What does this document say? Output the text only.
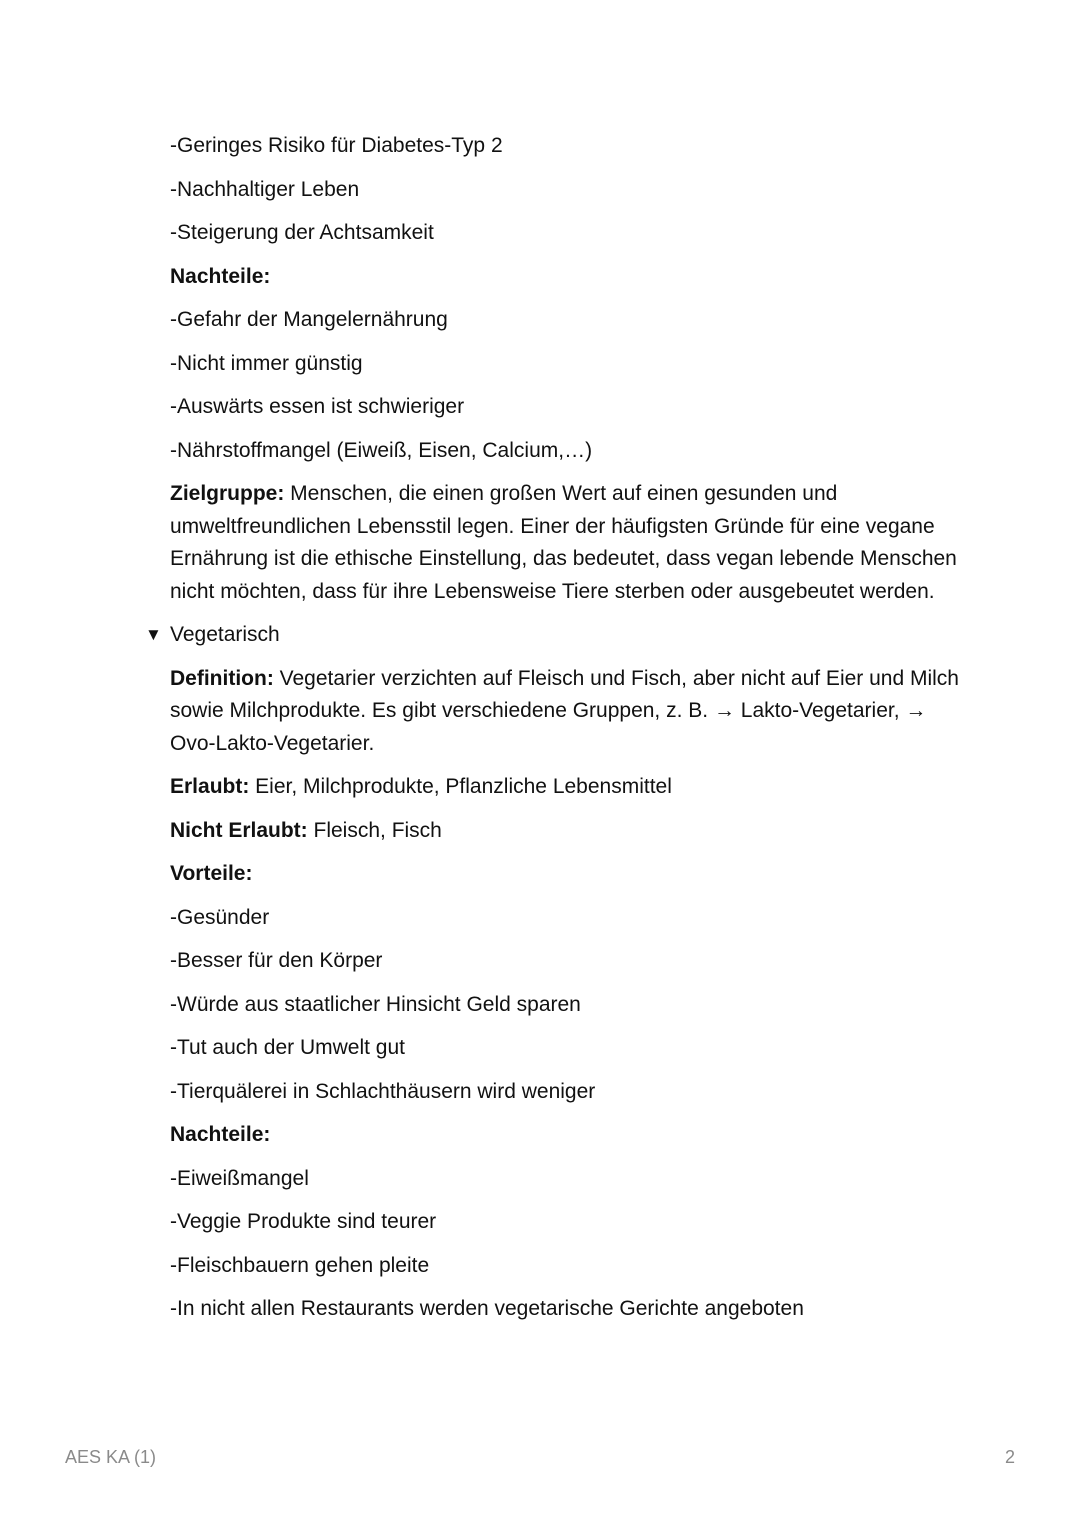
-Geringes Risiko für Diabetes-Typ 2
-Nachhaltiger Leben
-Steigerung der Achtsamkeit
Nachteile:
-Gefahr der Mangelernährung
-Nicht immer günstig
-Auswärts essen ist schwieriger
-Nährstoffmangel (Eiweiß, Eisen, Calcium,…)
Zielgruppe: Menschen, die einen großen Wert auf einen gesunden und umweltfreundlichen Lebensstil legen. Einer der häufigsten Gründe für eine vegane Ernährung ist die ethische Einstellung, das bedeutet, dass vegan lebende Menschen nicht möchten, dass für ihre Lebensweise Tiere sterben oder ausgebeutet werden.
▼ Vegetarisch
Definition: Vegetarier verzichten auf Fleisch und Fisch, aber nicht auf Eier und Milch sowie Milchprodukte. Es gibt verschiedene Gruppen, z. B. → Lakto-Vegetarier, → Ovo-Lakto-Vegetarier.
Erlaubt: Eier, Milchprodukte, Pflanzliche Lebensmittel
Nicht Erlaubt: Fleisch, Fisch
Vorteile:
-Gesünder
-Besser für den Körper
-Würde aus staatlicher Hinsicht Geld sparen
-Tut auch der Umwelt gut
-Tierquälerei in Schlachthäusern wird weniger
Nachteile:
-Eiweißmangel
-Veggie Produkte sind teurer
-Fleischbauern gehen pleite
-In nicht allen Restaurants werden vegetarische Gerichte angeboten
AES KA (1)	2
